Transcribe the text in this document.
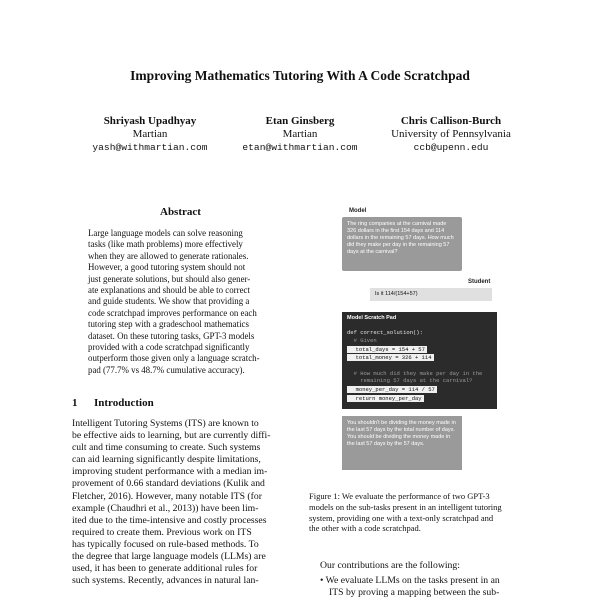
Improving Mathematics Tutoring With A Code Scratchpad
Shriyash Upadhyay
Martian
yash@withmartian.com
Etan Ginsberg
Martian
etan@withmartian.com
Chris Callison-Burch
University of Pennsylvania
ccb@upenn.edu
Abstract

Large language models can solve reasoning

tasks (like math problems) more effectively

when they are allowed to generate rationales.

However, a good tutoring system should not

just generate solutions, but should also gener-

ate explanations and should be able to correct

and guide students. We show that providing a

code scratchpad improves performance on each

tutoring step with a gradeschool mathematics

dataset. On these tutoring tasks, GPT-3 models

provided with a code scratchpad significantly

outperform those given only a language scratch-

pad (77.7% vs 48.7% cumulative accuracy).

1 Introduction

Intelligent Tutoring Systems (ITS) are known to

be effective aids to learning, but are currently diffi-

cult and time consuming to create. Such systems

can aid learning significantly despite limitations,

improving student performance with a median im-

provement of 0.66 standard deviations (Kulik and

Fletcher, 2016). However, many notable ITS (for

example (Chaudhri et al., 2013)) have been lim-

ited due to the time-intensive and costly processes

required to create them. Previous work on ITS

has typically focused on rule-based methods. To

the degree that large language models (LLMs) are

used, it has been to generate additional rules for

such systems. Recently, advances in natural lan-

Model
The ring companies at the carnival made 326 dollars in the first 154 days and 114 dollars in the remaining 57 days. How much did they make per day in the remaining 57 days at the carnival?
Student
Is it 114/(154+57)
Model Scratch Pad
def correct_solution():
# Given
total_days = 154 + 57
total_money = 326 + 114
# How much did they make per day in the
remaining 57 days at the carnival?
money_per_day = 114 / 57
return money_per_day
You shouldn't be dividing the money made in the last 57 days by the total number of days. You should be dividing the money made in the last 57 days by the 57 days.
Figure 1: We evaluate the performance of two GPT-3
models on the sub-tasks present in an intelligent tutoring
system, providing one with a text-only scratchpad and
the other with a code scratchpad.
Our contributions are the following:
• We evaluate LLMs on the tasks present in an
ITS by proving a mapping between the sub-
